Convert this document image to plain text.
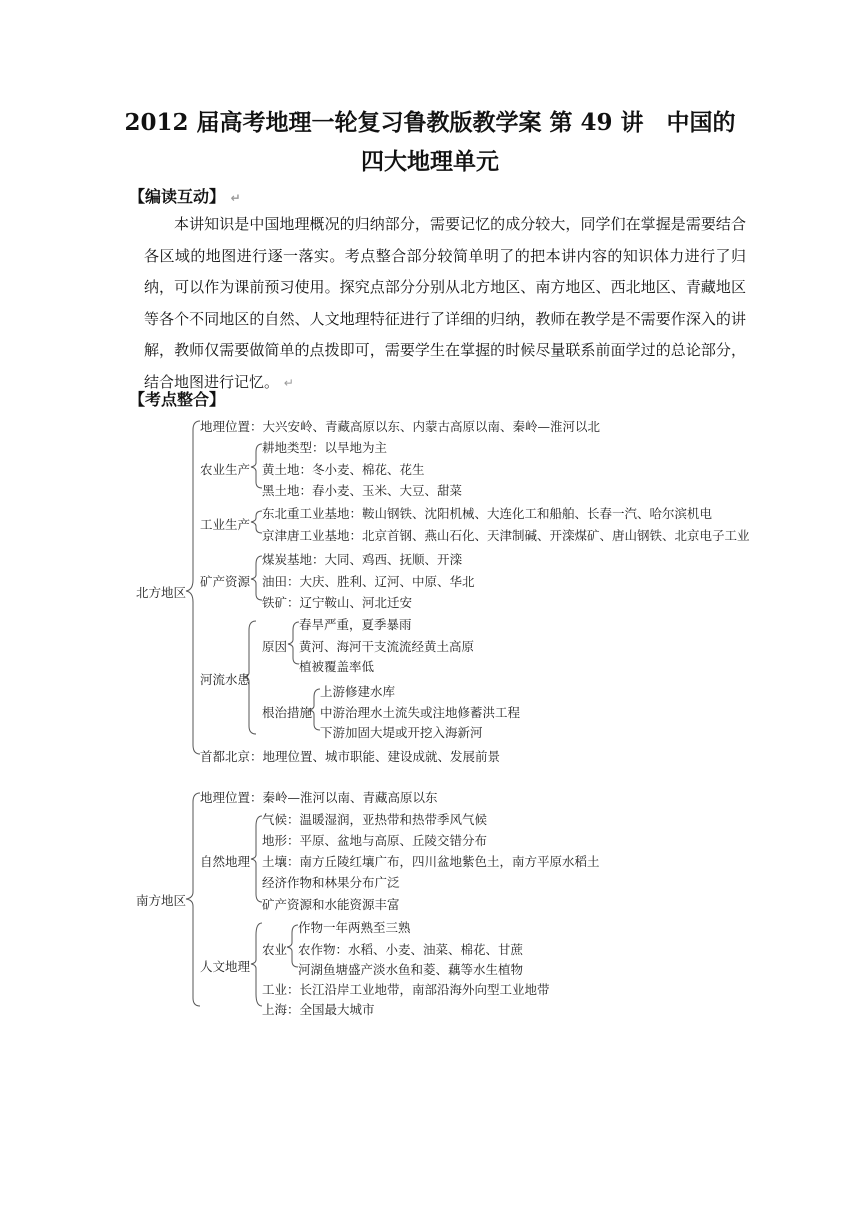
2012 届高考地理一轮复习鲁教版教学案 第 49 讲　中国的
四大地理单元
【编读互动】 ↵
本讲知识是中国地理概况的归纳部分，需要记忆的成分较大，同学们在掌握是需要结合各区域的地图进行逐一落实。考点整合部分较简单明了的把本讲内容的知识体力进行了归纳，可以作为课前预习使用。探究点部分分别从北方地区、南方地区、西北地区、青藏地区等各个不同地区的自然、人文地理特征进行了详细的归纳，教师在教学是不需要作深入的讲解，教师仅需要做简单的点拨即可，需要学生在掌握的时候尽量联系前面学过的总论部分，结合地图进行记忆。 ↵
【考点整合】
北方地区
地理位置：大兴安岭、青藏高原以东、内蒙古高原以南、秦岭—淮河以北
农业生产
耕地类型：以旱地为主
黄土地：冬小麦、棉花、花生
黑土地：春小麦、玉米、大豆、甜菜
工业生产
东北重工业基地：鞍山钢铁、沈阳机械、大连化工和船舶、长春一汽、哈尔滨机电
京津唐工业基地：北京首钢、燕山石化、天津制碱、开滦煤矿、唐山钢铁、北京电子工业
矿产资源
煤炭基地：大同、鸡西、抚顺、开滦
油田：大庆、胜利、辽河、中原、华北
铁矿：辽宁鞍山、河北迁安
河流水患
原因
春旱严重，夏季暴雨
黄河、海河干支流流经黄土高原
植被覆盖率低
根治措施
上游修建水库
中游治理水土流失或注地修蓄洪工程
下游加固大堤或开挖入海新河
首都北京：地理位置、城市职能、建设成就、发展前景
南方地区
地理位置：秦岭—淮河以南、青藏高原以东
自然地理
气候：温暖湿润，亚热带和热带季风气候
地形：平原、盆地与高原、丘陵交错分布
土壤：南方丘陵红壤广布，四川盆地紫色土，南方平原水稻土
经济作物和林果分布广泛
矿产资源和水能资源丰富
人文地理
农业
作物一年两熟至三熟
农作物：水稻、小麦、油菜、棉花、甘蔗
河湖鱼塘盛产淡水鱼和菱、藕等水生植物
工业：长江沿岸工业地带，南部沿海外向型工业地带
上海：全国最大城市
